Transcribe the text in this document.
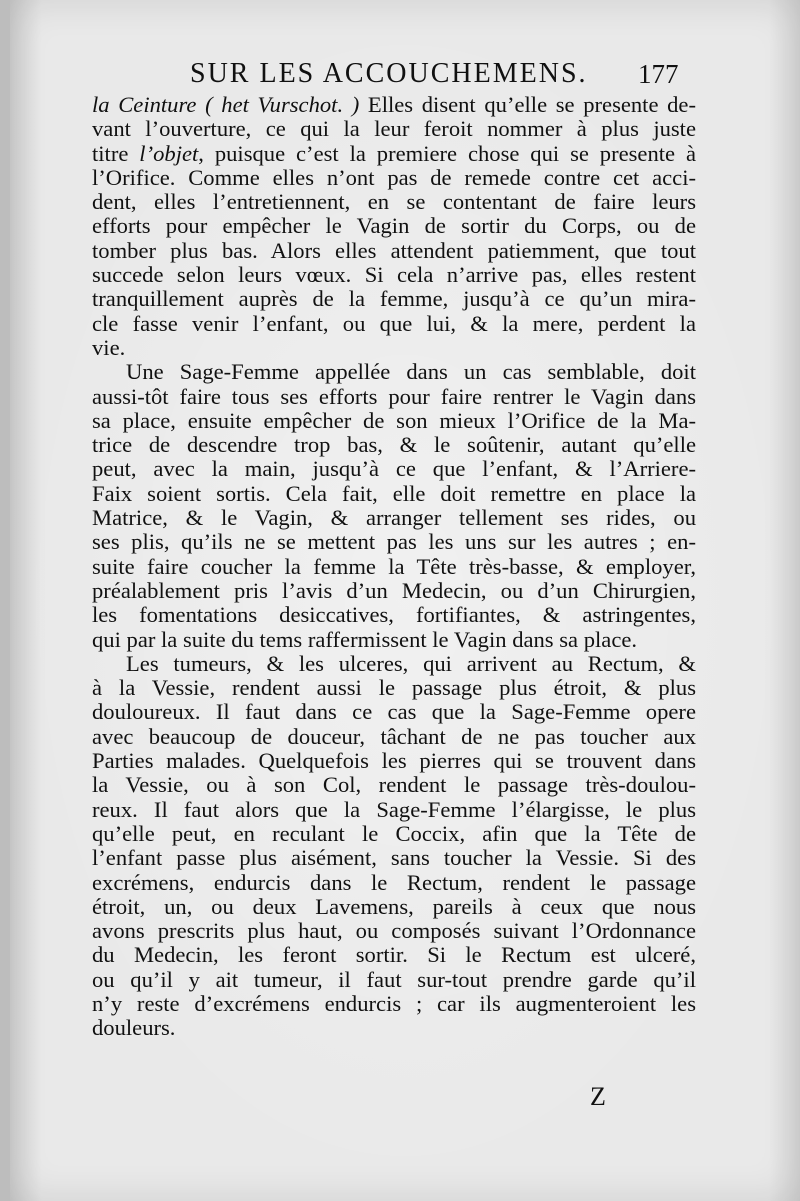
SUR LES ACCOUCHEMENS. 177
la Ceinture ( het Vurschot. ) Elles disent qu’elle se presente de-
vant l’ouverture, ce qui la leur feroit nommer à plus juste
titre l’objet, puisque c’est la premiere chose qui se presente à
l’Orifice. Comme elles n’ont pas de remede contre cet acci-
dent, elles l’entretiennent, en se contentant de faire leurs
efforts pour empêcher le Vagin de sortir du Corps, ou de
tomber plus bas. Alors elles attendent patiemment, que tout
succede selon leurs vœux. Si cela n’arrive pas, elles restent
tranquillement auprès de la femme, jusqu’à ce qu’un mira-
cle fasse venir l’enfant, ou que lui, & la mere, perdent la
vie.
Une Sage-Femme appellée dans un cas semblable, doit
aussi-tôt faire tous ses efforts pour faire rentrer le Vagin dans
sa place, ensuite empêcher de son mieux l’Orifice de la Ma-
trice de descendre trop bas, & le soûtenir, autant qu’elle
peut, avec la main, jusqu’à ce que l’enfant, & l’Arriere-
Faix soient sortis. Cela fait, elle doit remettre en place la
Matrice, & le Vagin, & arranger tellement ses rides, ou
ses plis, qu’ils ne se mettent pas les uns sur les autres ; en-
suite faire coucher la femme la Tête très-basse, & employer,
préalablement pris l’avis d’un Medecin, ou d’un Chirurgien,
les fomentations desiccatives, fortifiantes, & astringentes,
qui par la suite du tems raffermissent le Vagin dans sa place.
Les tumeurs, & les ulceres, qui arrivent au Rectum, &
à la Vessie, rendent aussi le passage plus étroit, & plus
douloureux. Il faut dans ce cas que la Sage-Femme opere
avec beaucoup de douceur, tâchant de ne pas toucher aux
Parties malades. Quelquefois les pierres qui se trouvent dans
la Vessie, ou à son Col, rendent le passage très-doulou-
reux. Il faut alors que la Sage-Femme l’élargisse, le plus
qu’elle peut, en reculant le Coccix, afin que la Tête de
l’enfant passe plus aisément, sans toucher la Vessie. Si des
excrémens, endurcis dans le Rectum, rendent le passage
étroit, un, ou deux Lavemens, pareils à ceux que nous
avons prescrits plus haut, ou composés suivant l’Ordonnance
du Medecin, les feront sortir. Si le Rectum est ulceré,
ou qu’il y ait tumeur, il faut sur-tout prendre garde qu’il
n’y reste d’excrémens endurcis ; car ils augmenteroient les
douleurs.
Z
